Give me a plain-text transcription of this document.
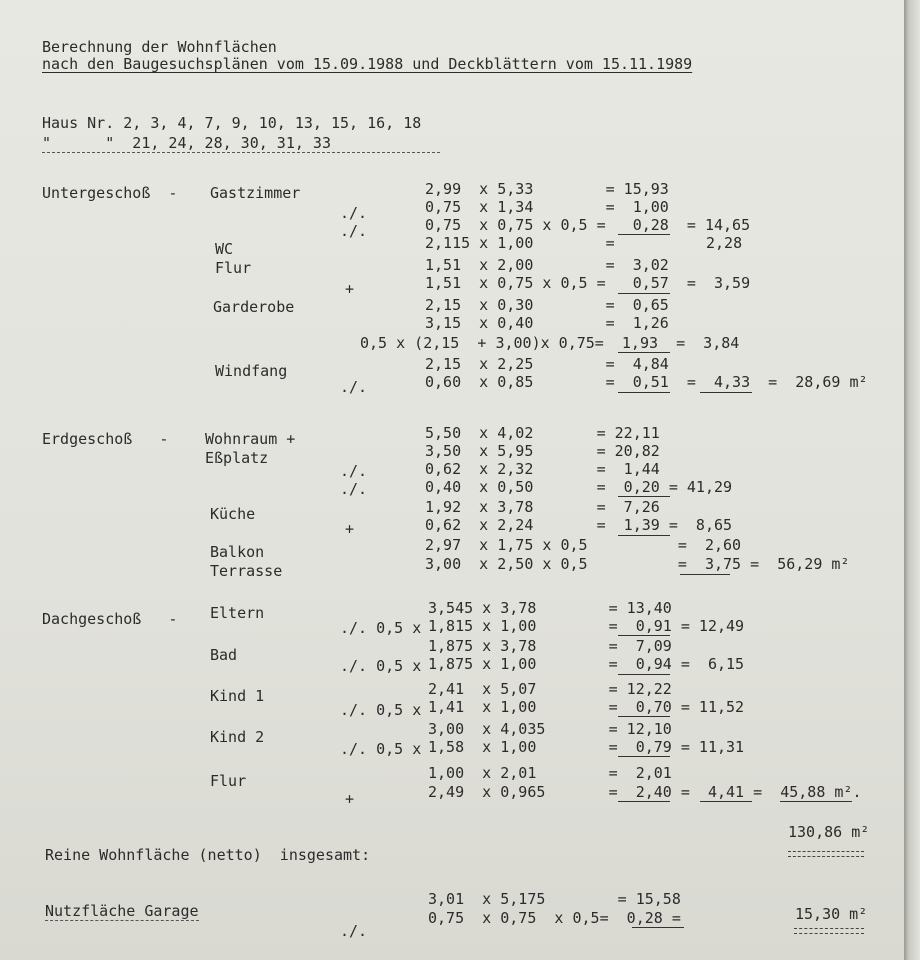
Berechnung der Wohnflächen
nach den Baugesuchsplänen vom 15.09.1988 und Deckblättern vom 15.11.1989
Haus Nr. 2, 3, 4, 7, 9, 10, 13, 15, 16, 18
"      "  21, 24, 28, 30, 31, 33
Untergeschoß  - Gastzimmer
WC
Flur
Garderobe
Windfang
./.
./.
+
./.
2,99  x 5,33        = 15,93
0,75  x 1,34        =  1,00
0,75  x 0,75 x 0,5 =   0,28  = 14,65
2,115 x 1,00        =	2,28
1,51  x 2,00        =  3,02
1,51  x 0,75 x 0,5 =   0,57  =  3,59
2,15  x 0,30        =  0,65
3,15  x 0,40        =  1,26
0,5 x (2,15  + 3,00)x 0,75=  1,93  =  3,84
2,15  x 2,25        =  4,84
0,60  x 0,85        =  0,51  =  4,33  =  28,69 m²
Erdgeschoß   - Wohnraum +
Eßplatz
Küche
Balkon
Terrasse
./.
./.
+
5,50  x 4,02       = 22,11
3,50  x 5,95       = 20,82
0,62  x 2,32       =  1,44
0,40  x 0,50       =  0,20 = 41,29
1,92  x 3,78       =  7,26
0,62  x 2,24       =  1,39 =  8,65
2,97  x 1,75 x 0,5          =  2,60
3,00  x 2,50 x 0,5          =  3,75 =  56,29 m²
Dachgeschoß   - Eltern
Bad
Kind 1
Kind 2
Flur
./. 0,5 x
./. 0,5 x
./. 0,5 x
./. 0,5 x
+
3,545 x 3,78        = 13,40
1,815 x 1,00        =  0,91 = 12,49
1,875 x 3,78        =  7,09
1,875 x 1,00        =  0,94 =  6,15
2,41  x 5,07        = 12,22
1,41  x 1,00        =  0,70 = 11,52
3,00  x 4,035       = 12,10
1,58  x 1,00        =  0,79 = 11,31
1,00  x 2,01        =  2,01
2,49  x 0,965       =  2,40 =  4,41 =  45,88 m².
130,86 m²
Reine Wohnfläche (netto)  insgesamt:
3,01  x 5,175        = 15,58
0,75  x 0,75  x 0,5=  0,28 =
Nutzfläche Garage
./.
15,30 m²
